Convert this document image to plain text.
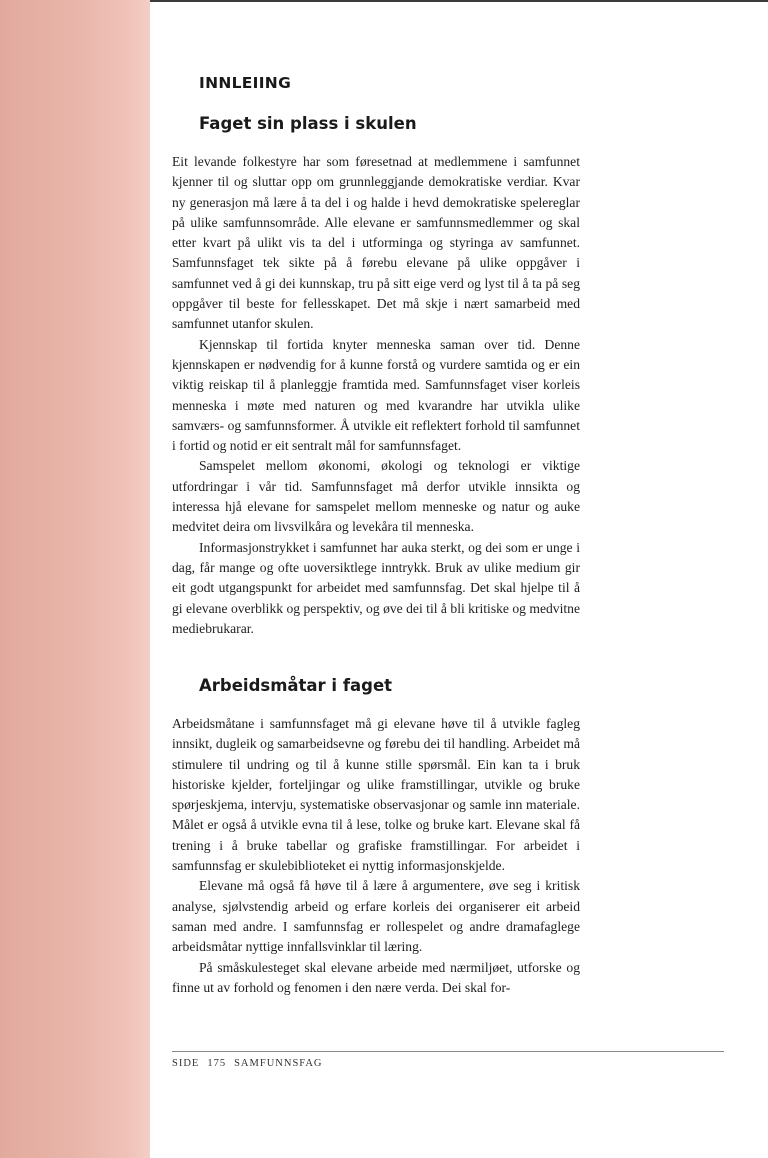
INNLEIING
Faget sin plass i skulen

Eit levande folkestyre har som føresetnad at medlemmene i samfunnet kjenner til og sluttar opp om grunnleggjande demokratiske verdiar. Kvar ny generasjon må lære å ta del i og halde i hevd demokratiske spelereglar på ulike samfunnsområde. Alle elevane er samfunnsmedlemmer og skal etter kvart på ulikt vis ta del i utforminga og styringa av samfunnet. Samfunnsfaget tek sikte på å førebu elevane på ulike oppgåver i samfunnet ved å gi dei kunnskap, tru på sitt eige verd og lyst til å ta på seg oppgåver til beste for fellesskapet. Det må skje i nært samarbeid med samfunnet utanfor skulen.

Kjennskap til fortida knyter menneska saman over tid. Denne kjennskapen er nødvendig for å kunne forstå og vurdere samtida og er ein viktig reiskap til å planleggje framtida med. Samfunnsfaget viser korleis menneska i møte med naturen og med kvarandre har utvikla ulike samværs- og samfunnsformer. Å utvikle eit reflektert forhold til samfunnet i fortid og notid er eit sentralt mål for samfunnsfaget.

Samspelet mellom økonomi, økologi og teknologi er viktige utfordringar i vår tid. Samfunnsfaget må derfor utvikle innsikta og interessa hjå elevane for samspelet mellom menneske og natur og auke medvitet deira om livsvilkåra og levekåra til menneska.

Informasjonstrykket i samfunnet har auka sterkt, og dei som er unge i dag, får mange og ofte uoversiktlege inntrykk. Bruk av ulike medium gir eit godt utgangspunkt for arbeidet med samfunnsfag. Det skal hjelpe til å gi elevane overblikk og perspektiv, og øve dei til å bli kritiske og medvitne mediebrukarar.

Arbeidsmåtar i faget

Arbeidsmåtane i samfunnsfaget må gi elevane høve til å utvikle fagleg innsikt, dugleik og samarbeidsevne og førebu dei til handling. Arbeidet må stimulere til undring og til å kunne stille spørsmål. Ein kan ta i bruk historiske kjelder, forteljingar og ulike framstillingar, utvikle og bruke spørjeskjema, intervju, systematiske observasjonar og samle inn materiale. Målet er også å utvikle evna til å lese, tolke og bruke kart. Elevane skal få trening i å bruke tabellar og grafiske framstillingar. For arbeidet i samfunnsfag er skulebiblioteket ei nyttig informasjonskjelde.

Elevane må også få høve til å lære å argumentere, øve seg i kritisk analyse, sjølvstendig arbeid og erfare korleis dei organiserer eit arbeid saman med andre. I samfunnsfag er rollespelet og andre dramafaglege arbeidsmåtar nyttige innfallsvinklar til læring.

På småskulesteget skal elevane arbeide med nærmiljøet, utforske og finne ut av forhold og fenomen i den nære verda. Dei skal for-

SIDE 175 SAMFUNNSFAG
